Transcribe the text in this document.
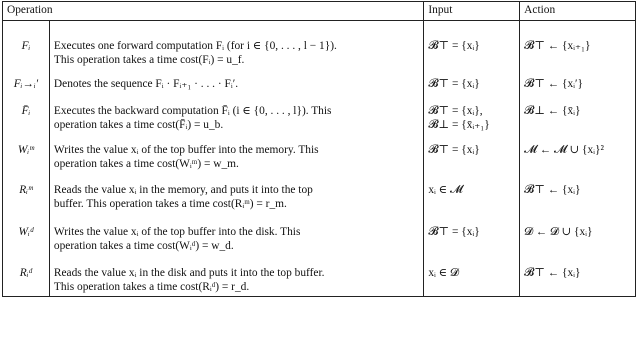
Operation		Input	Action
Fᵢ	Executes one forward computation Fᵢ (for i ∈ {0, . . . , l − 1}).
This operation takes a time cost(Fᵢ) = u_f.	𝓑⊤ = {xᵢ}	𝓑⊤ ← {xᵢ₊₁}

Fᵢ→ᵢ′	Denotes the sequence Fᵢ · Fᵢ₊₁ · . . . · Fᵢ′.	𝓑⊤ = {xᵢ}	𝓑⊤ ← {xᵢ′}

F̄ᵢ	Executes the backward computation F̄ᵢ (i ∈ {0, . . . , l}). This
operation takes a time cost(F̄ᵢ) = u_b.	𝓑⊤ = {xᵢ},
𝓑⊥ = {x̄ᵢ₊₁}	𝓑⊥ ← {x̄ᵢ}

Wᵢᵐ	Writes the value xᵢ of the top buffer into the memory. This
operation takes a time cost(Wᵢᵐ) = w_m.	𝓑⊤ = {xᵢ}	𝓜 ← 𝓜 ∪ {xᵢ}²

Rᵢᵐ	Reads the value xᵢ in the memory, and puts it into the top
buffer. This operation takes a time cost(Rᵢᵐ) = r_m.	xᵢ ∈ 𝓜	𝓑⊤ ← {xᵢ}

Wᵢᵈ	Writes the value xᵢ of the top buffer into the disk. This
operation takes a time cost(Wᵢᵈ) = w_d.	𝓑⊤ = {xᵢ}	𝓓 ← 𝓓 ∪ {xᵢ}

Rᵢᵈ	Reads the value xᵢ in the disk and puts it into the top buffer.
This operation takes a time cost(Rᵢᵈ) = r_d.	xᵢ ∈ 𝓓	𝓑⊤ ← {xᵢ}
